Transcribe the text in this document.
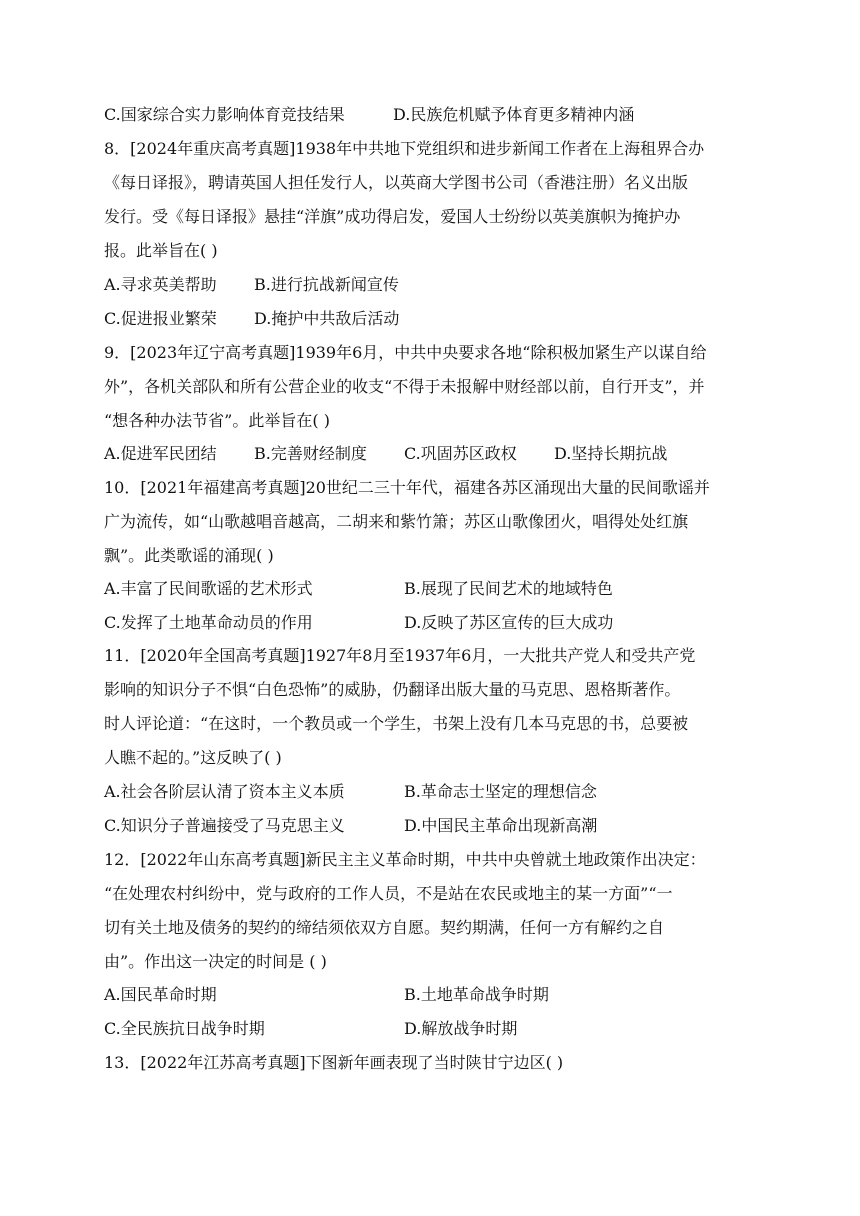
C.国家综合实力影响体育竞技结果	D.民族危机赋予体育更多精神内涵
8．[2024年重庆高考真题]1938年中共地下党组织和进步新闻工作者在上海租界合办
《每日译报》，聘请英国人担任发行人，以英商大学图书公司（香港注册）名义出版
发行。受《每日译报》悬挂“洋旗”成功得启发，爱国人士纷纷以英美旗帜为掩护办
报。此举旨在( )
A.寻求英美帮助 B.进行抗战新闻宣传
C.促进报业繁荣 D.掩护中共敌后活动
9．[2023年辽宁高考真题]1939年6月，中共中央要求各地“除积极加紧生产以谋自给
外”，各机关部队和所有公营企业的收支“不得于未报解中财经部以前，自行开支”，并
“想各种办法节省”。此举旨在( )
A.促进军民团结 B.完善财经制度 C.巩固苏区政权 D.坚持长期抗战
10．[2021年福建高考真题]20世纪二三十年代，福建各苏区涌现出大量的民间歌谣并
广为流传，如“山歌越唱音越高，二胡来和紫竹箫；苏区山歌像团火，唱得处处红旗
飘”。此类歌谣的涌现( )
A.丰富了民间歌谣的艺术形式	B.展现了民间艺术的地域特色
C.发挥了土地革命动员的作用	D.反映了苏区宣传的巨大成功
11．[2020年全国高考真题]1927年8月至1937年6月，一大批共产党人和受共产党
影响的知识分子不惧“白色恐怖”的威胁，仍翻译出版大量的马克思、恩格斯著作。
时人评论道：“在这时，一个教员或一个学生，书架上没有几本马克思的书，总要被
人瞧不起的。”这反映了( )
A.社会各阶层认清了资本主义本质	B.革命志士坚定的理想信念
C.知识分子普遍接受了马克思主义	D.中国民主革命出现新高潮
12．[2022年山东高考真题]新民主主义革命时期，中共中央曾就土地政策作出决定：
“在处理农村纠纷中，党与政府的工作人员，不是站在农民或地主的某一方面”“一
切有关土地及债务的契约的缔结须依双方自愿。契约期满，任何一方有解约之自
由”。作出这一决定的时间是 ( )
A.国民革命时期	B.土地革命战争时期
C.全民族抗日战争时期	D.解放战争时期
13．[2022年江苏高考真题]下图新年画表现了当时陕甘宁边区( )
